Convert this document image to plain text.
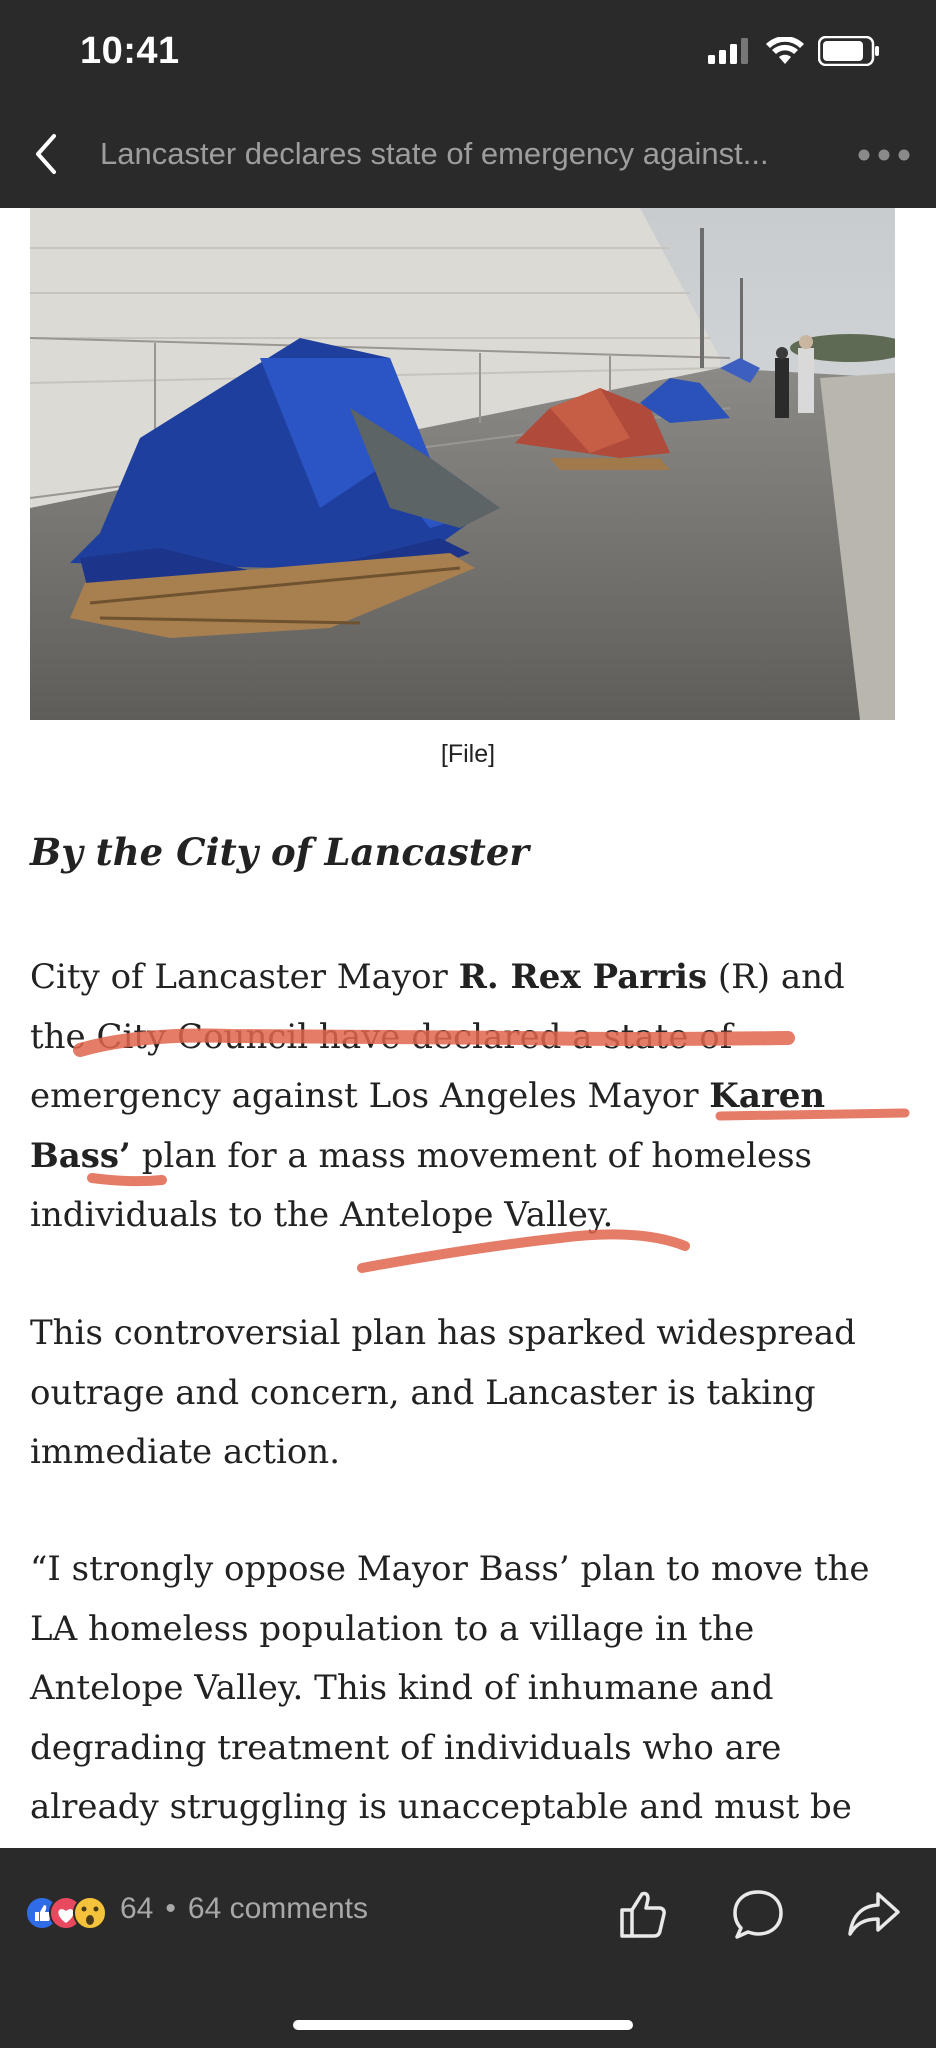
10:41
Lancaster declares state of emergency against...
[File]
By the City of Lancaster
City of Lancaster Mayor R. Rex Parris (R) and the City Council have declared a state of emergency against Los Angeles Mayor Karen Bass’ plan for a mass movement of homeless individuals to the Antelope Valley.
This controversial plan has sparked widespread outrage and concern, and Lancaster is taking immediate action.
“I strongly oppose Mayor Bass’ plan to move the LA homeless population to a village in the Antelope Valley. This kind of inhumane and degrading treatment of individuals who are already struggling is unacceptable and must be
64 • 64 comments
